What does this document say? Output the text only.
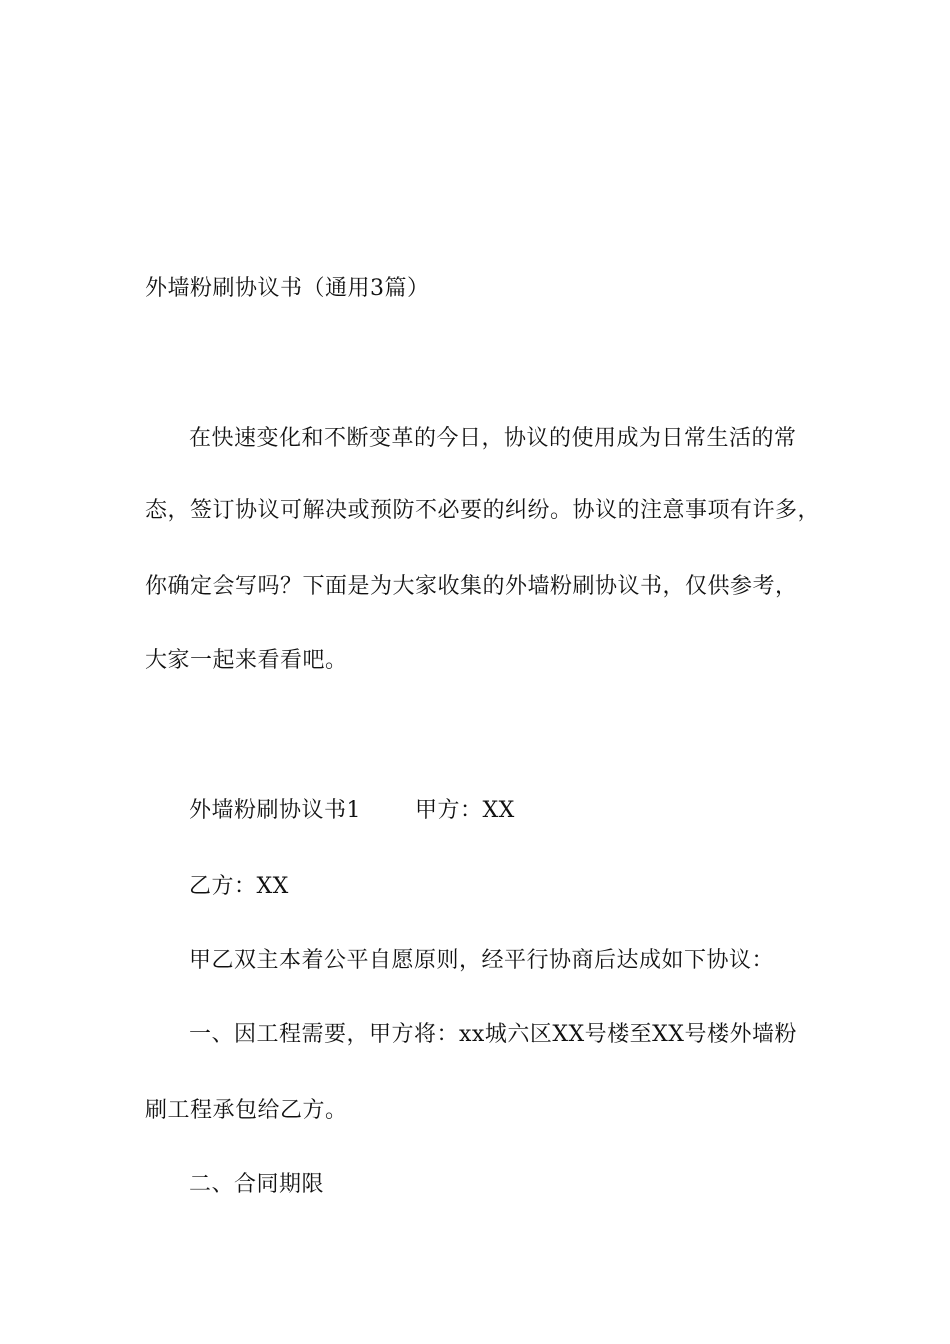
外墙粉刷协议书（通用3篇）
在快速变化和不断变革的今日，协议的使用成为日常生活的常
态，签订协议可解决或预防不必要的纠纷。协议的注意事项有许多，
你确定会写吗？下面是为大家收集的外墙粉刷协议书，仅供参考，
大家一起来看看吧。
外墙粉刷协议书1 甲方：XX
乙方：XX
甲乙双主本着公平自愿原则，经平行协商后达成如下协议：
一、因工程需要，甲方将：xx城六区XX号楼至XX号楼外墙粉
刷工程承包给乙方。
二、合同期限
